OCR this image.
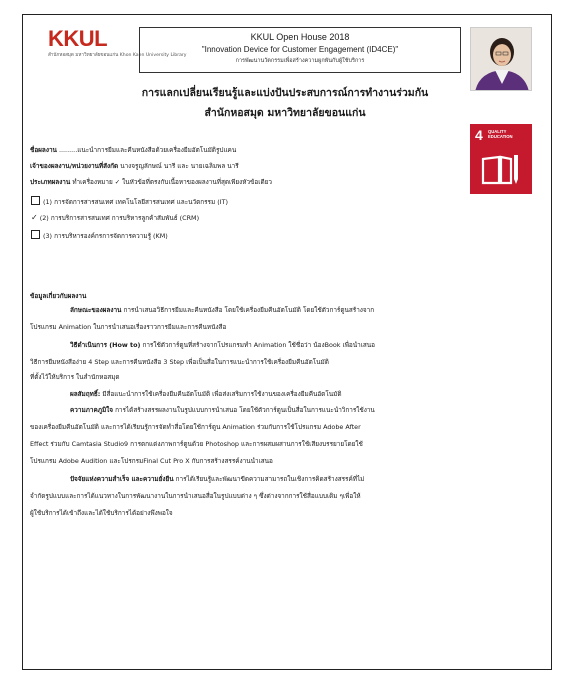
KKUL
สำนักหอสมุด มหาวิทยาลัยขอนแก่น Khon Kaen University Library
KKUL Open House 2018
"Innovation Device for Customer Engagement (ID4CE)"
การพัฒนานวัตกรรมเพื่อสร้างความผูกพันกับผู้ใช้บริการ
การแลกเปลี่ยนเรียนรู้และแบ่งปันประสบการณ์การทำงานร่วมกัน
สำนักหอสมุด มหาวิทยาลัยขอนแก่น
4 QUALITY EDUCATION
ชื่อผลงาน .........แนะนำการยืมและคืนหนังสือด้วยเครื่องยืมอัตโนมัติรูปแคน
เจ้าของผลงาน/หน่วยงานที่สังกัด นางจรูญลักษณ์ นารี และ นายเฉลิมพล นารี
ประเภทผลงาน ทำเครื่องหมาย ✓ ในหัวข้อที่ตรงกับเนื้อหาของผลงานที่สุดเพียงหัวข้อเดียว
(1) การจัดการสารสนเทศ เทคโนโลยีสารสนเทศ และนวัตกรรม (IT)
✓ (2) การบริการสารสนเทศ การบริหารลูกค้าสัมพันธ์ (CRM)
(3) การบริหารองค์กรการจัดการความรู้ (KM)
ข้อมูลเกี่ยวกับผลงาน
ลักษณะของผลงาน การนำเสนอวิธีการยืมและคืนหนังสือ โดยใช้เครื่องยืมคืนอัตโนมัติ โดยใช้ตัวการ์ตูนสร้างจาก
โปรแกรม Animation ในการนำเสนอเรื่องราวการยืมและการคืนหนังสือ
วิธีดำเนินการ (How to) การใช้ตัวการ์ตูนที่สร้างจากโปรแกรมทำ Animation ใช้ชื่อว่า น้องBook เพื่อนำเสนอ
วิธีการยืมหนังสือง่าย 4 Step และการคืนหนังสือ 3 Step เพื่อเป็นสื่อในการแนะนำการใช้เครื่องยืมคืนอัตโนมัติ
ที่ตั้งไว้ให้บริการ ในสำนักหอสมุด
ผลสัมฤทธิ์: มีสื่อแนะนำการใช้เครื่องยืมคืนอัตโนมัติ เพื่อส่งเสริมการใช้งานของเครื่องยืมคืนอัตโนมัติ
ความภาคภูมิใจ การได้สร้างสรรผลงานในรูปแบบการนำเสนอ โดยใช้ตัวการ์ตูนเป็นสื่อในการแนะนำวิการใช้งาน
ของเครื่องยืมคืนอัตโนมัติ และการได้เรียนรู้การจัดทำสื่อโดยใช้การ์ตูน Animation ร่วมกับการใช้โปรแกรม Adobe After
Effect ร่วมกับ Camtasia Studio9 การตกแต่งภาพการ์ตูนด้วย Photoshop และการผสมผสานการใช้เสียงบรรยายโดยใช้
โปรแกรม Adobe Audition และโปรกรมFinal Cut Pro X กับการสร้างสรรค์งานนำเสนอ
ปัจจัยแห่งความสำเร็จ และความยั่งยืน การได้เรียนรู้และพัฒนาขีดความสามารถในเชิงการคิดสร้างสรรค์ที่ไม่
จำกัดรูปแบบและการได้แนวทางในการพัฒนางานในการนำเสนอสื่อในรูปแบบต่าง ๆ ซึ่งต่างจากการใช้สื่อแบบเดิม ๆเพื่อให้
ผู้ใช้บริการได้เข้าถึงและได้ใช้บริการได้อย่างพึงพอใจ
